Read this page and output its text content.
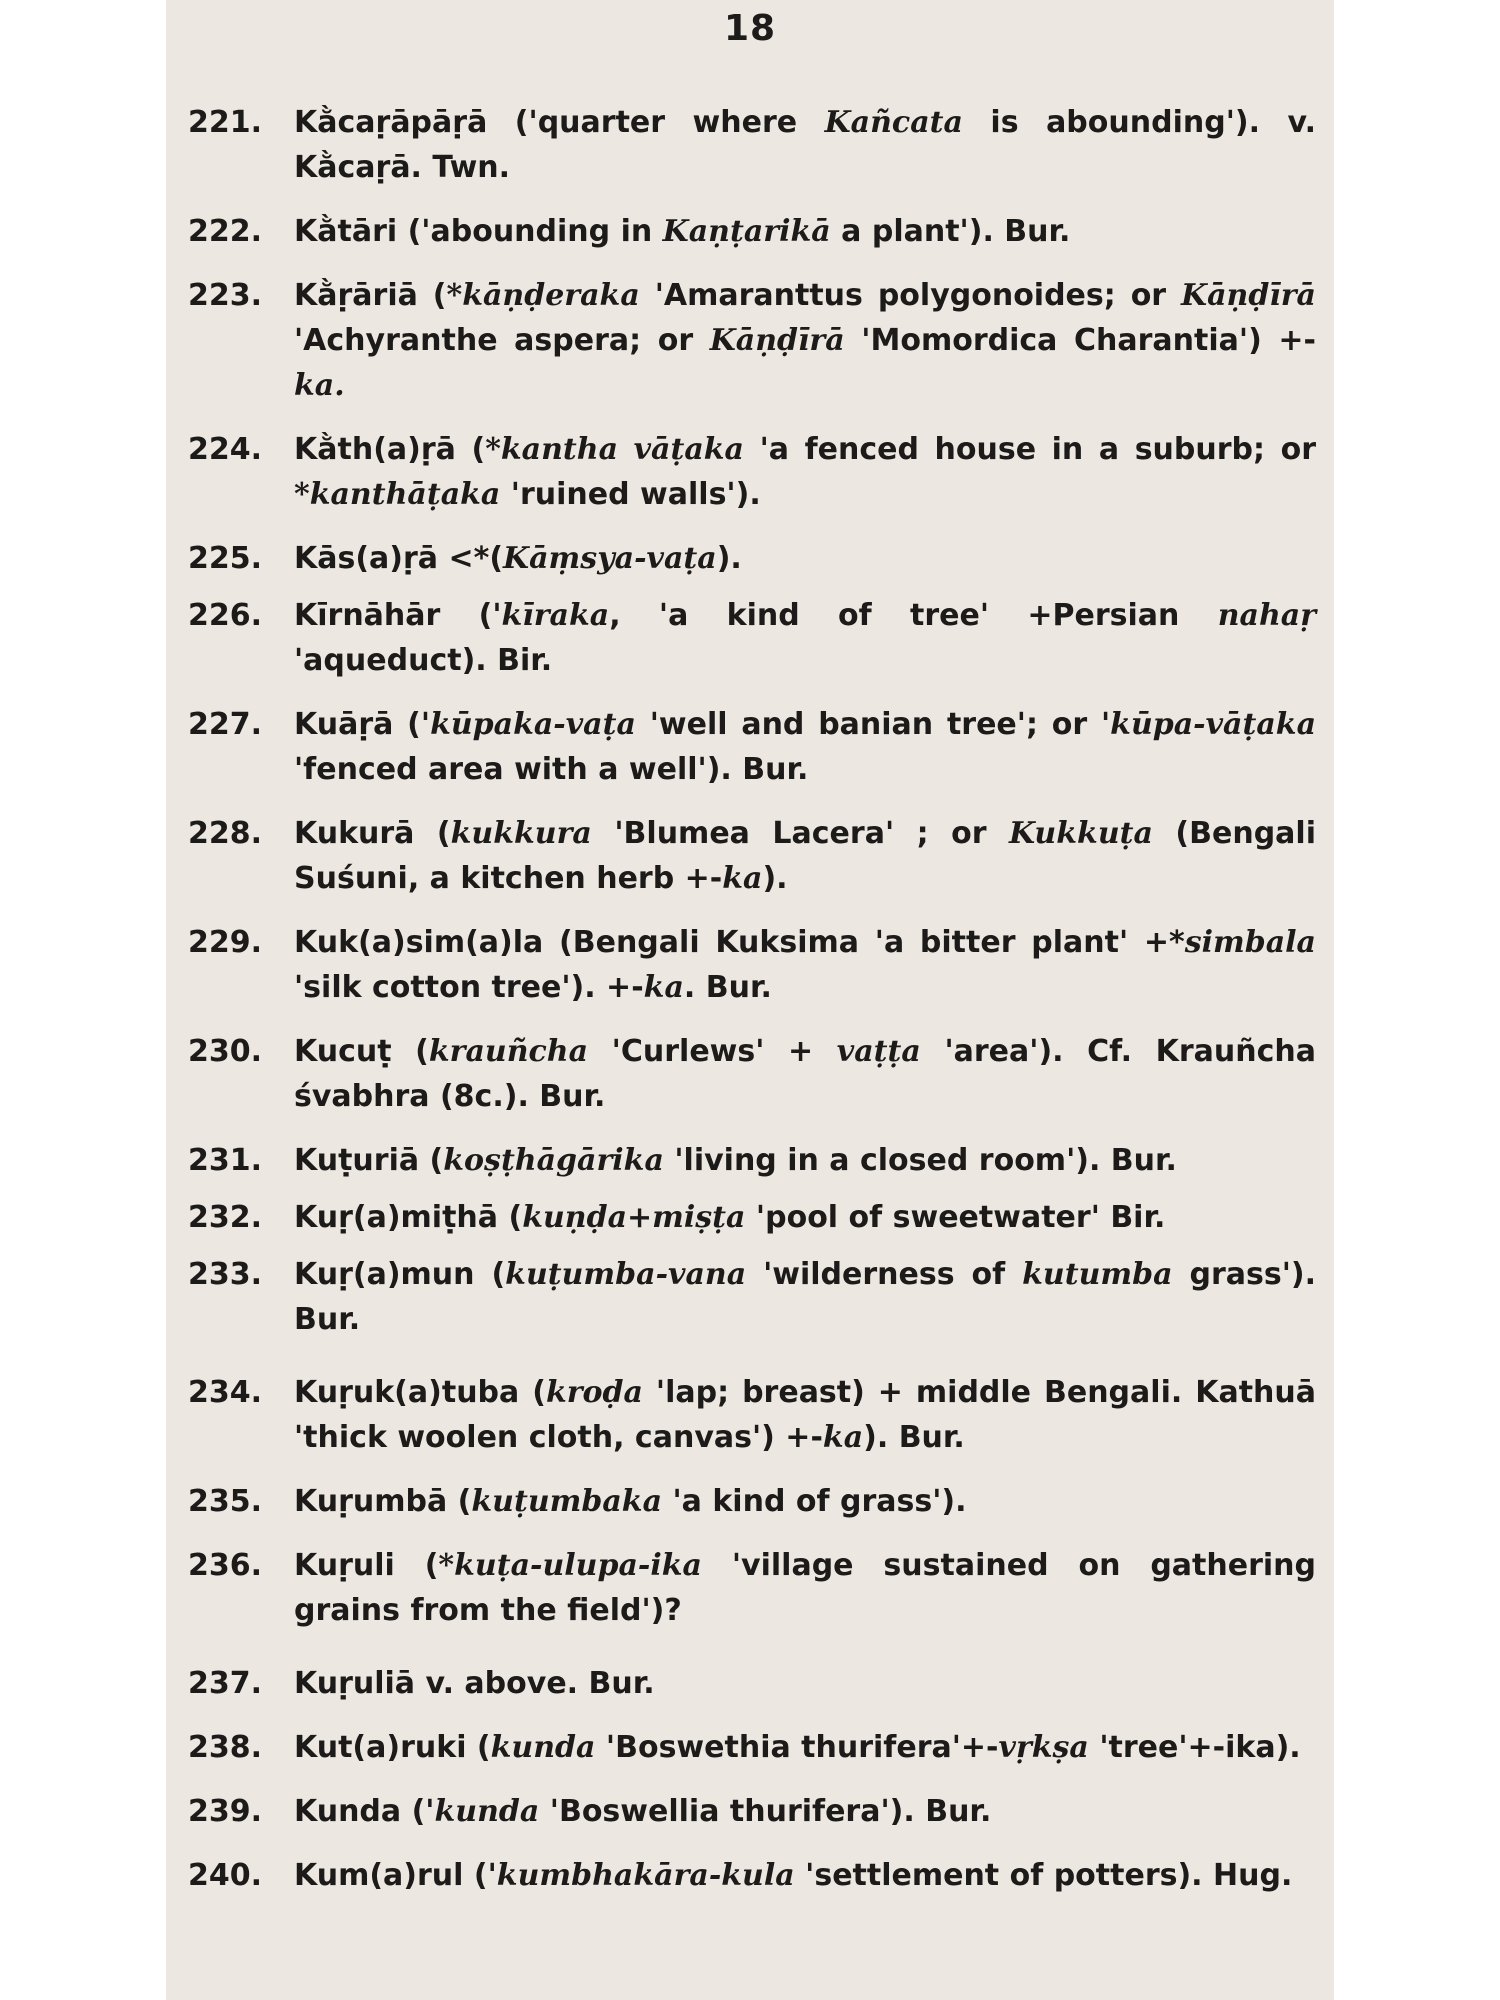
18
221.	Kằcaṛāpāṛā ('quarter where Kañcata is abounding'). v. Kằcaṛā. Twn.
222.	Kằtāri ('abounding in Kaṇṭarikā a plant'). Bur.
223.	Kằṛāriā (*kāṇḍeraka 'Amaranttus polygonoides; or Kāṇḍīrā 'Achyranthe aspera; or Kāṇḍīrā 'Momordica Charantia') +-ka.
224.	Kằth(a)ṛā (*kantha vāṭaka 'a fenced house in a suburb; or *kanthāṭaka 'ruined walls').
225.	Kās(a)ṛā <*(Kāṃsya-vaṭa).
226.	Kīrnāhār ('kīraka, 'a kind of tree' +Persian nahaṛ 'aqueduct). Bir.
227.	Kuāṛā ('kūpaka-vaṭa 'well and banian tree'; or 'kūpa-vāṭaka 'fenced area with a well'). Bur.
228.	Kukurā (kukkura 'Blumea Lacera' ; or Kukkuṭa (Bengali Suśuni, a kitchen herb +-ka).
229.	Kuk(a)sim(a)la (Bengali Kuksima 'a bitter plant' +*simbala 'silk cotton tree'). +-ka. Bur.
230.	Kucuṭ (krauñcha 'Curlews' + vaṭṭa 'area'). Cf. Krauñcha śvabhra (8c.). Bur.
231.	Kuṭuriā (koṣṭhāgārika 'living in a closed room'). Bur.
232.	Kuṛ(a)miṭhā (kuṇḍa+miṣṭa 'pool of sweetwater' Bir.
233.	Kuṛ(a)mun (kuṭumba-vana 'wilderness of kutumba grass'). Bur.
234.	Kuṛuk(a)tuba (kroḍa 'lap; breast) + middle Bengali. Kathuā 'thick woolen cloth, canvas') +-ka). Bur.
235.	Kuṛumbā (kuṭumbaka 'a kind of grass').
236.	Kuṛuli (*kuṭa-ulupa-ika 'village sustained on gathering grains from the field')?
237.	Kuṛuliā v. above. Bur.
238.	Kut(a)ruki (kunda 'Boswethia thurifera'+-vṛkṣa 'tree'+-ika).
239.	Kunda ('kunda 'Boswellia thurifera'). Bur.
240.	Kum(a)rul ('kumbhakāra-kula 'settlement of potters). Hug.
